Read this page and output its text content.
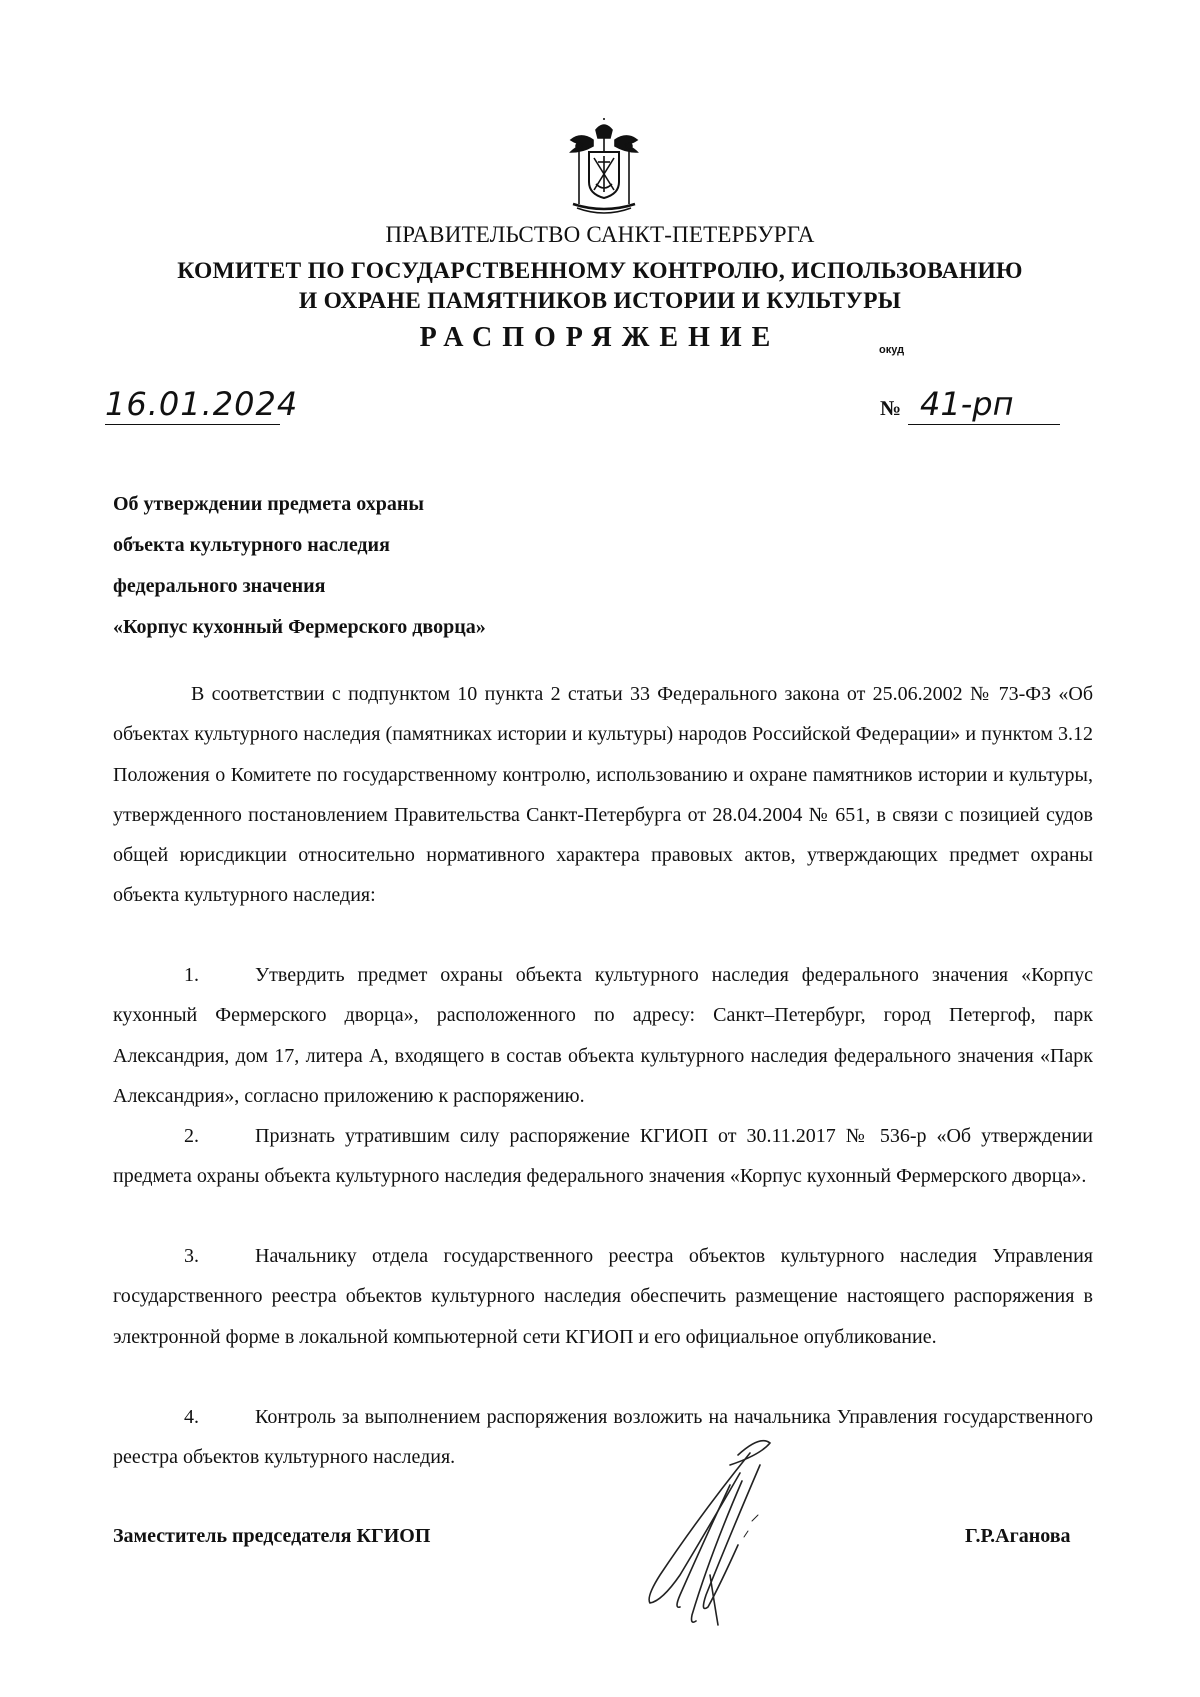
ПРАВИТЕЛЬСТВО САНКТ-ПЕТЕРБУРГА
КОМИТЕТ ПО ГОСУДАРСТВЕННОМУ КОНТРОЛЮ, ИСПОЛЬЗОВАНИЮ
И ОХРАНЕ ПАМЯТНИКОВ ИСТОРИИ И КУЛЬТУРЫ
РАСПОРЯЖЕНИЕ	окуд
16.01.2024	№ 41-рп
Об утверждении предмета охраны
объекта культурного наследия
федерального значения
«Корпус кухонный Фермерского дворца»
В соответствии с подпунктом 10 пункта 2 статьи 33 Федерального закона от 25.06.2002 № 73-ФЗ «Об объектах культурного наследия (памятниках истории и культуры) народов Российской Федерации» и пунктом 3.12 Положения о Комитете по государственному контролю, использованию и охране памятников истории и культуры, утвержденного постановлением Правительства Санкт-Петербурга от 28.04.2004 № 651, в связи с позицией судов общей юрисдикции относительно нормативного характера правовых актов, утверждающих предмет охраны объекта культурного наследия:
1.	Утвердить предмет охраны объекта культурного наследия федерального значения «Корпус кухонный Фермерского дворца», расположенного по адресу: Санкт–Петербург, город Петергоф, парк Александрия, дом 17, литера А, входящего в состав объекта культурного наследия федерального значения «Парк Александрия», согласно приложению к распоряжению.
2.	Признать утратившим силу распоряжение КГИОП от 30.11.2017 № 536-р «Об утверждении предмета охраны объекта культурного наследия федерального значения «Корпус кухонный Фермерского дворца».
3.	Начальнику отдела государственного реестра объектов культурного наследия Управления государственного реестра объектов культурного наследия обеспечить размещение настоящего распоряжения в электронной форме в локальной компьютерной сети КГИОП и его официальное опубликование.
4.	Контроль за выполнением распоряжения возложить на начальника Управления государственного реестра объектов культурного наследия.
Заместитель председателя КГИОП	Г.Р.Аганова
